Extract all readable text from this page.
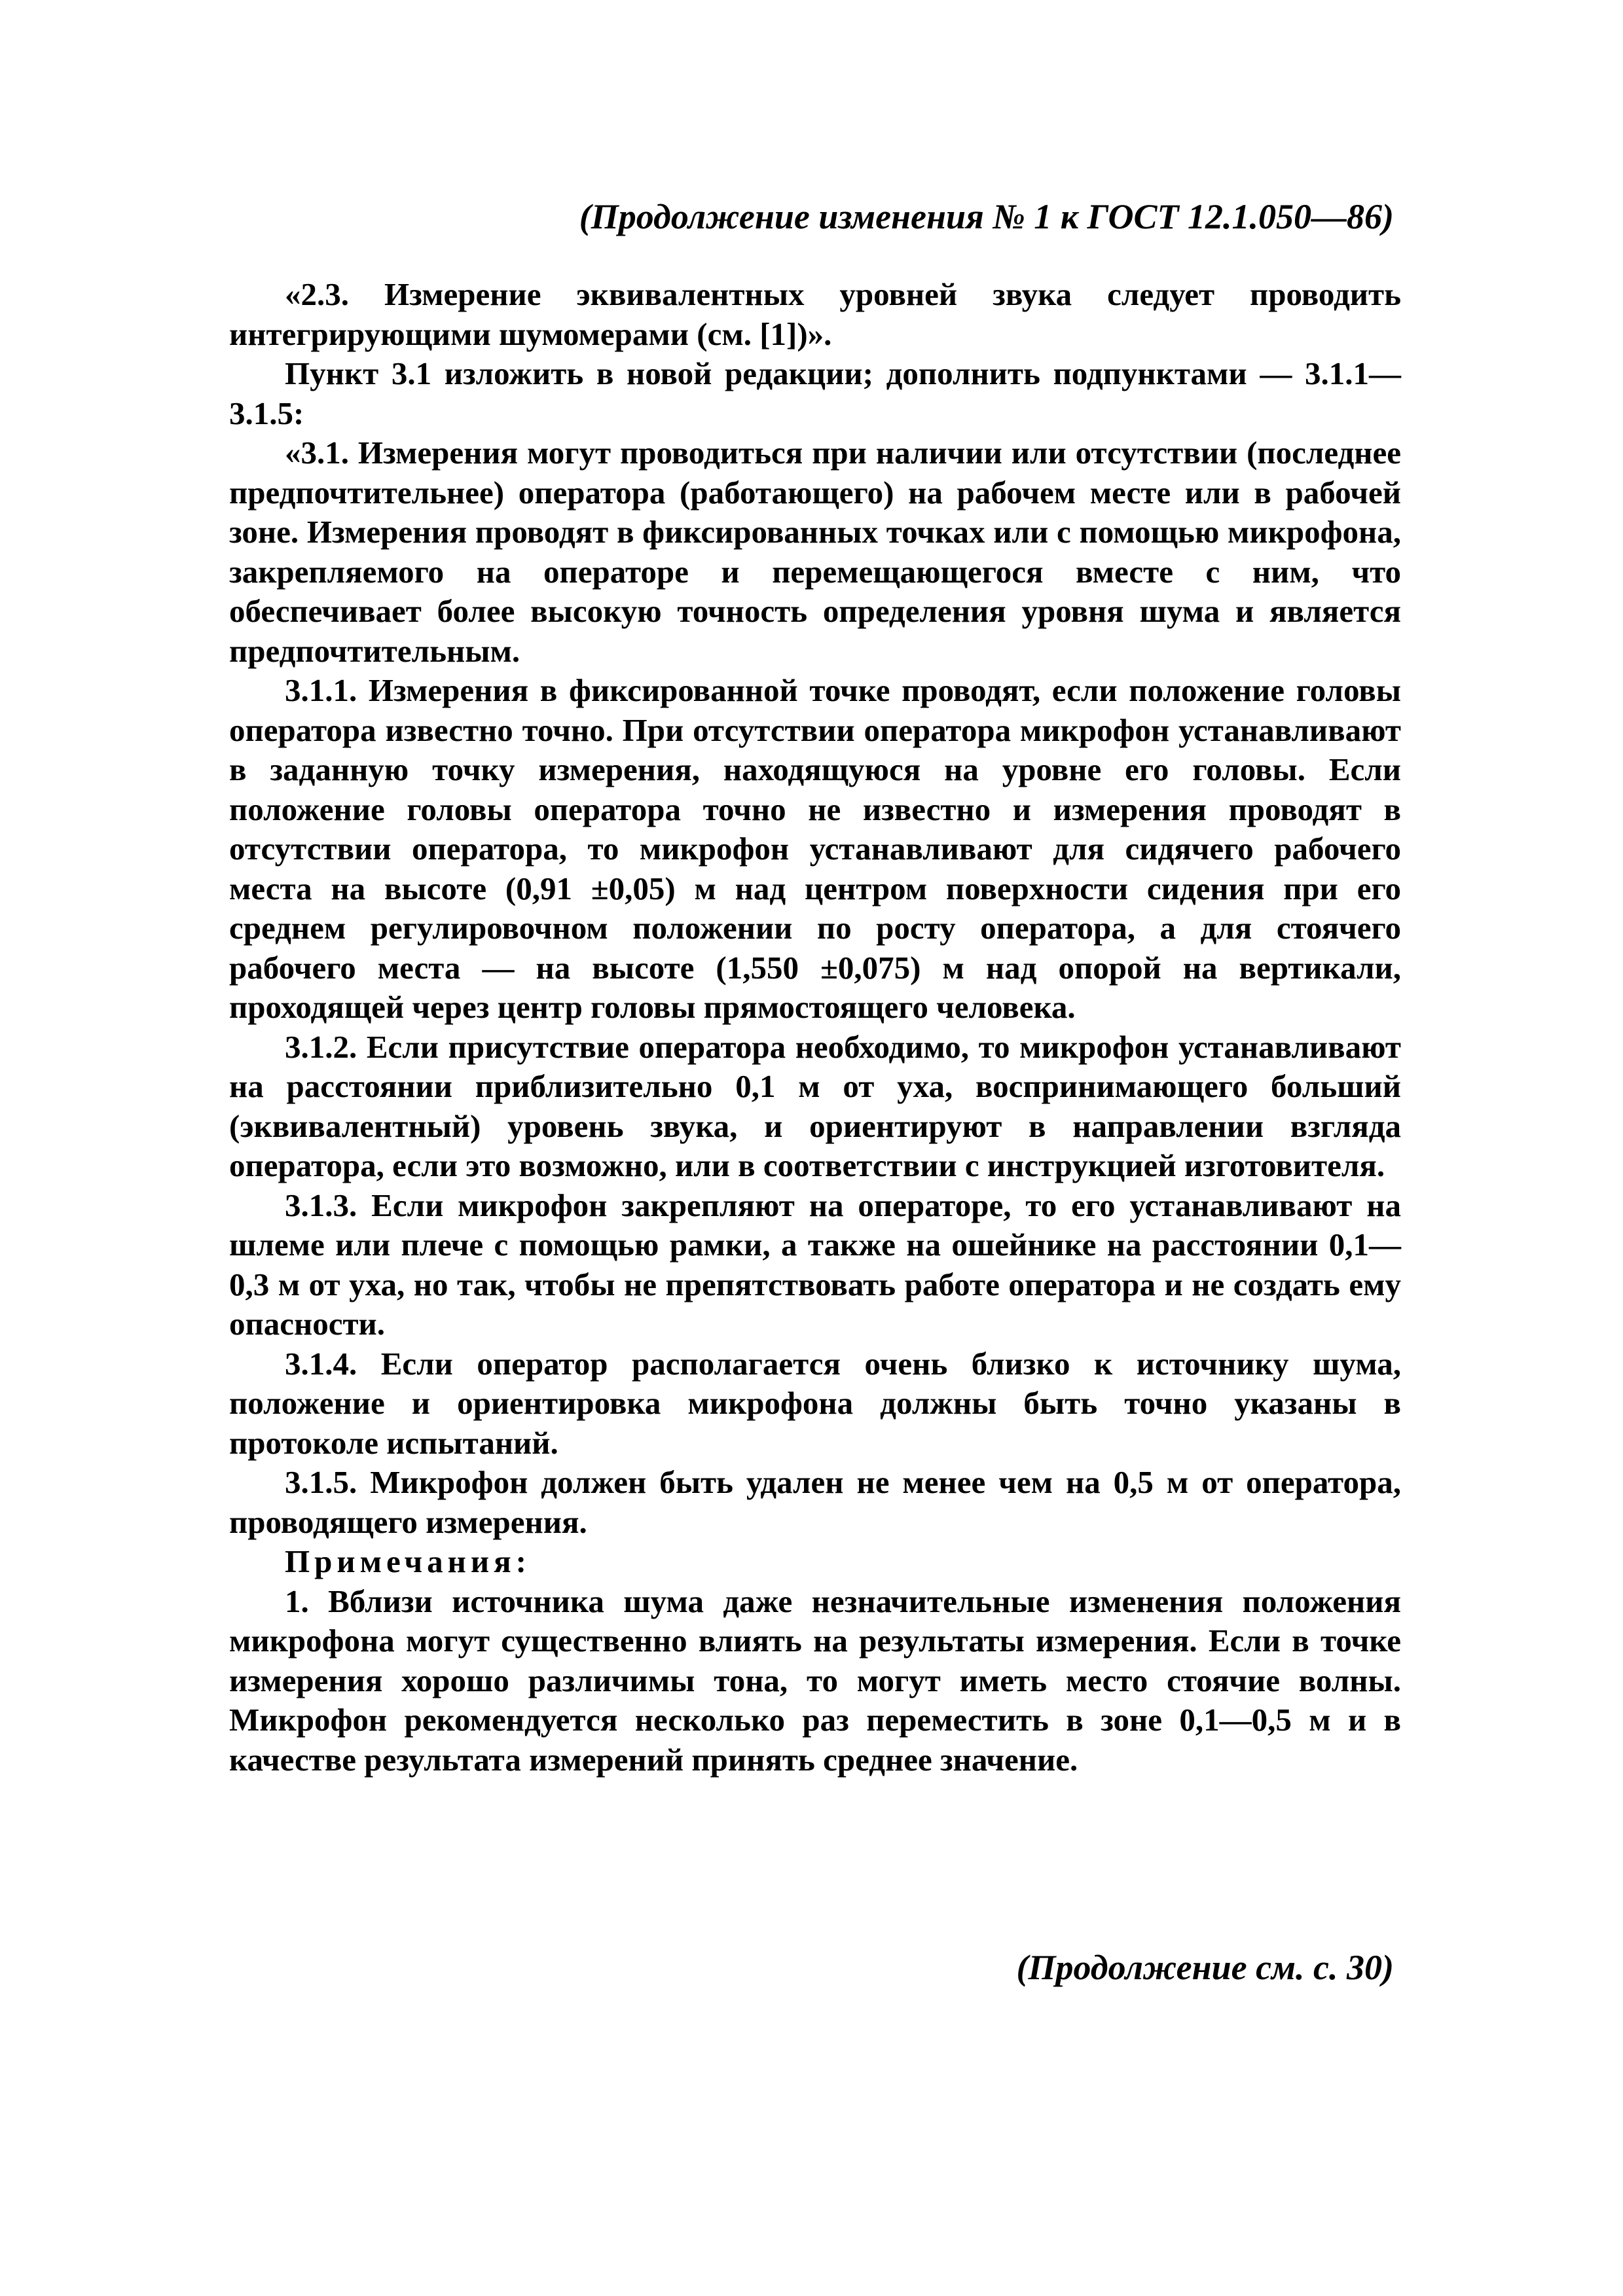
(Продолжение изменения № 1 к ГОСТ 12.1.050—86)

«2.3. Измерение эквивалентных уровней звука следует проводить интегрирующими шумомерами (см. [1])».

Пункт 3.1 изложить в новой редакции; дополнить подпунктами — 3.1.1—3.1.5:

«3.1. Измерения могут проводиться при наличии или отсутствии (последнее предпочтительнее) оператора (работающего) на рабочем месте или в рабочей зоне. Измерения проводят в фиксированных точках или с помощью микрофона, закрепляемого на операторе и перемещающегося вместе с ним, что обеспечивает более высокую точность определения уровня шума и является предпочтительным.

3.1.1. Измерения в фиксированной точке проводят, если положение головы оператора известно точно. При отсутствии оператора микрофон устанавливают в заданную точку измерения, находящуюся на уровне его головы. Если положение головы оператора точно не известно и измерения проводят в отсутствии оператора, то микрофон устанавливают для сидячего рабочего места на высоте (0,91 ±0,05) м над центром поверхности сидения при его среднем регулировочном положении по росту оператора, а для стоячего рабочего места — на высоте (1,550 ±0,075) м над опорой на вертикали, проходящей через центр головы прямостоящего человека.

3.1.2. Если присутствие оператора необходимо, то микрофон устанавливают на расстоянии приблизительно 0,1 м от уха, воспринимающего больший (эквивалентный) уровень звука, и ориентируют в направлении взгляда оператора, если это возможно, или в соответствии с инструкцией изготовителя.

3.1.3. Если микрофон закрепляют на операторе, то его устанавливают на шлеме или плече с помощью рамки, а также на ошейнике на расстоянии 0,1—0,3 м от уха, но так, чтобы не препятствовать работе оператора и не создать ему опасности.

3.1.4. Если оператор располагается очень близко к источнику шума, положение и ориентировка микрофона должны быть точно указаны в протоколе испытаний.

3.1.5. Микрофон должен быть удален не менее чем на 0,5 м от оператора, проводящего измерения.

Примечания:

1. Вблизи источника шума даже незначительные изменения положения микрофона могут существенно влиять на результаты измерения. Если в точке измерения хорошо различимы тона, то могут иметь место стоячие волны. Микрофон рекомендуется несколько раз переместить в зоне 0,1—0,5 м и в качестве результата измерений принять среднее значение.

(Продолжение см. с. 30)
